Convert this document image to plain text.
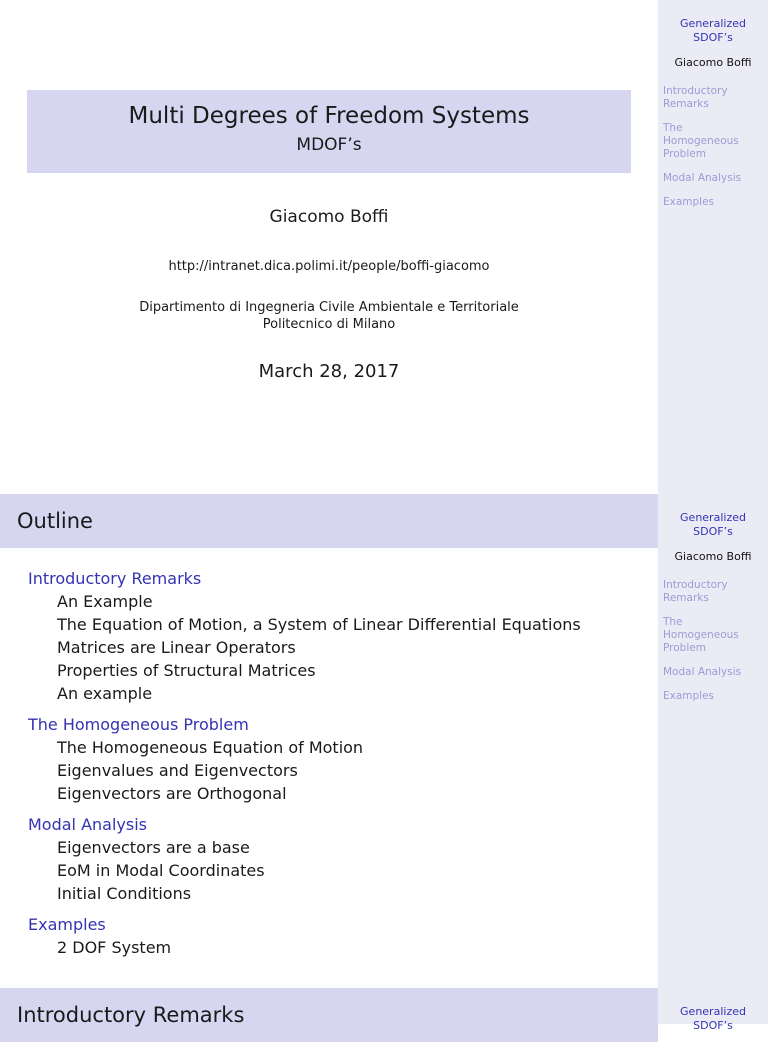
Generalized
SDOF’s
Giacomo Boffi
Introductory
Remarks
The
Homogeneous
Problem
Modal Analysis
Examples
Multi Degrees of Freedom Systems
MDOF’s
Giacomo Boffi
http://intranet.dica.polimi.it/people/boffi-giacomo
Dipartimento di Ingegneria Civile Ambientale e Territoriale
Politecnico di Milano
March 28, 2017
Outline	Generalized
SDOF’s
Giacomo Boffi
Introductory
Remarks
The
Homogeneous
Problem
Modal Analysis
Examples
Introductory Remarks
An Example
The Equation of Motion, a System of Linear Differential Equations
Matrices are Linear Operators
Properties of Structural Matrices
An example
The Homogeneous Problem
The Homogeneous Equation of Motion
Eigenvalues and Eigenvectors
Eigenvectors are Orthogonal
Modal Analysis
Eigenvectors are a base
EoM in Modal Coordinates
Initial Conditions
Examples
2 DOF System
Introductory Remarks	Generalized
SDOF’s
